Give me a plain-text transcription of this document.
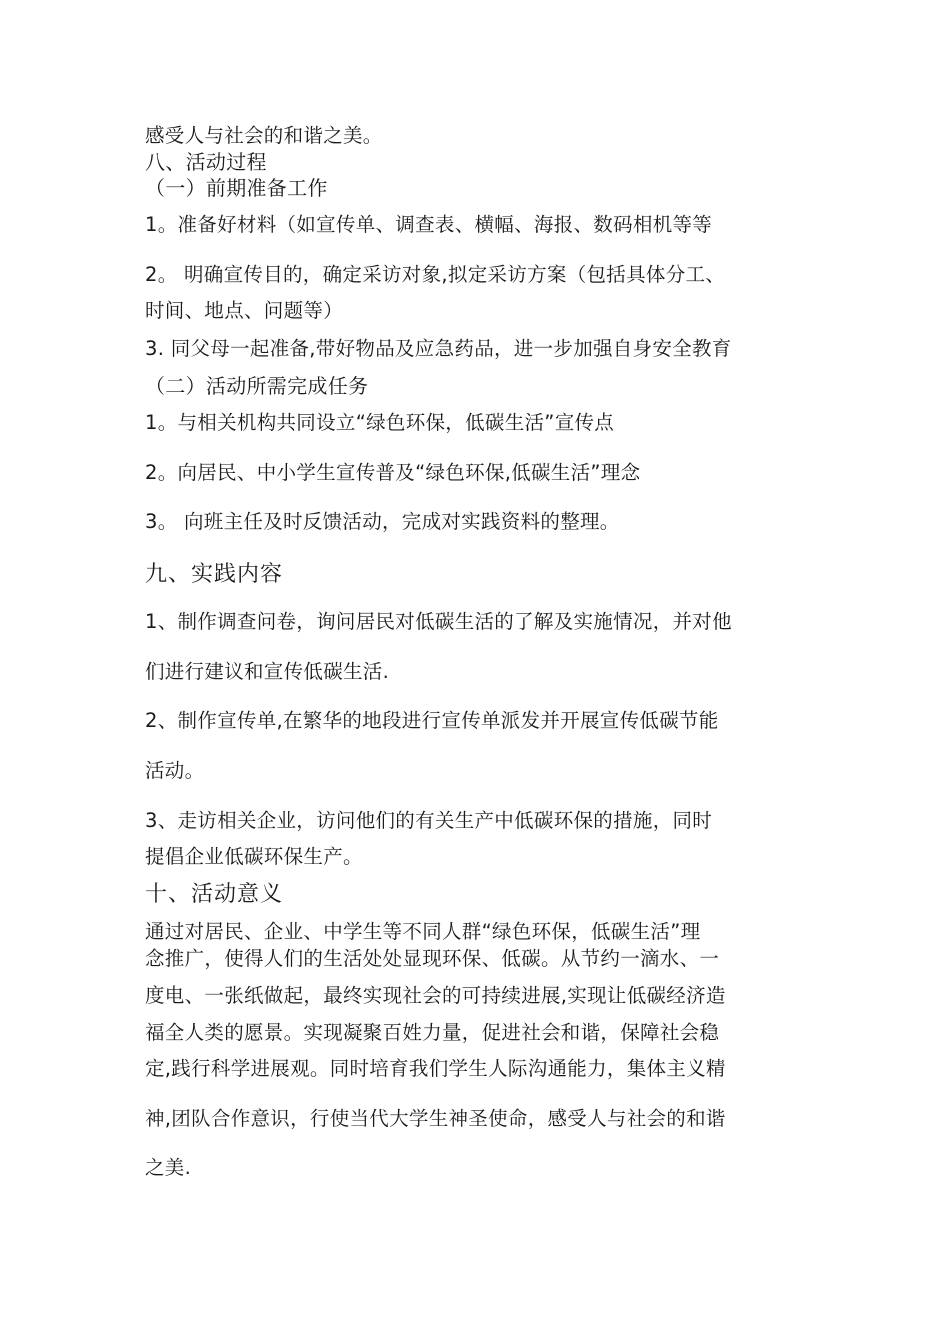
感受人与社会的和谐之美。
八、活动过程
（一）前期准备工作
1。准备好材料（如宣传单、调查表、横幅、海报、数码相机等等
2。 明确宣传目的，确定采访对象,拟定采访方案（包括具体分工、
时间、地点、问题等）
3. 同父母一起准备,带好物品及应急药品，进一步加强自身安全教育
（二）活动所需完成任务
1。与相关机构共同设立“绿色环保，低碳生活”宣传点
2。向居民、中小学生宣传普及“绿色环保,低碳生活”理念
3。 向班主任及时反馈活动，完成对实践资料的整理。
九、实践内容
1、制作调查问卷，询问居民对低碳生活的了解及实施情况，并对他
们进行建议和宣传低碳生活.
2、制作宣传单,在繁华的地段进行宣传单派发并开展宣传低碳节能
活动。
3、走访相关企业，访问他们的有关生产中低碳环保的措施，同时
提倡企业低碳环保生产。
十、活动意义
通过对居民、企业、中学生等不同人群“绿色环保，低碳生活”理
念推广，使得人们的生活处处显现环保、低碳。从节约一滴水、一
度电、一张纸做起，最终实现社会的可持续进展,实现让低碳经济造
福全人类的愿景。实现凝聚百姓力量，促进社会和谐，保障社会稳
定,践行科学进展观。同时培育我们学生人际沟通能力，集体主义精
神,团队合作意识，行使当代大学生神圣使命，感受人与社会的和谐
之美.
